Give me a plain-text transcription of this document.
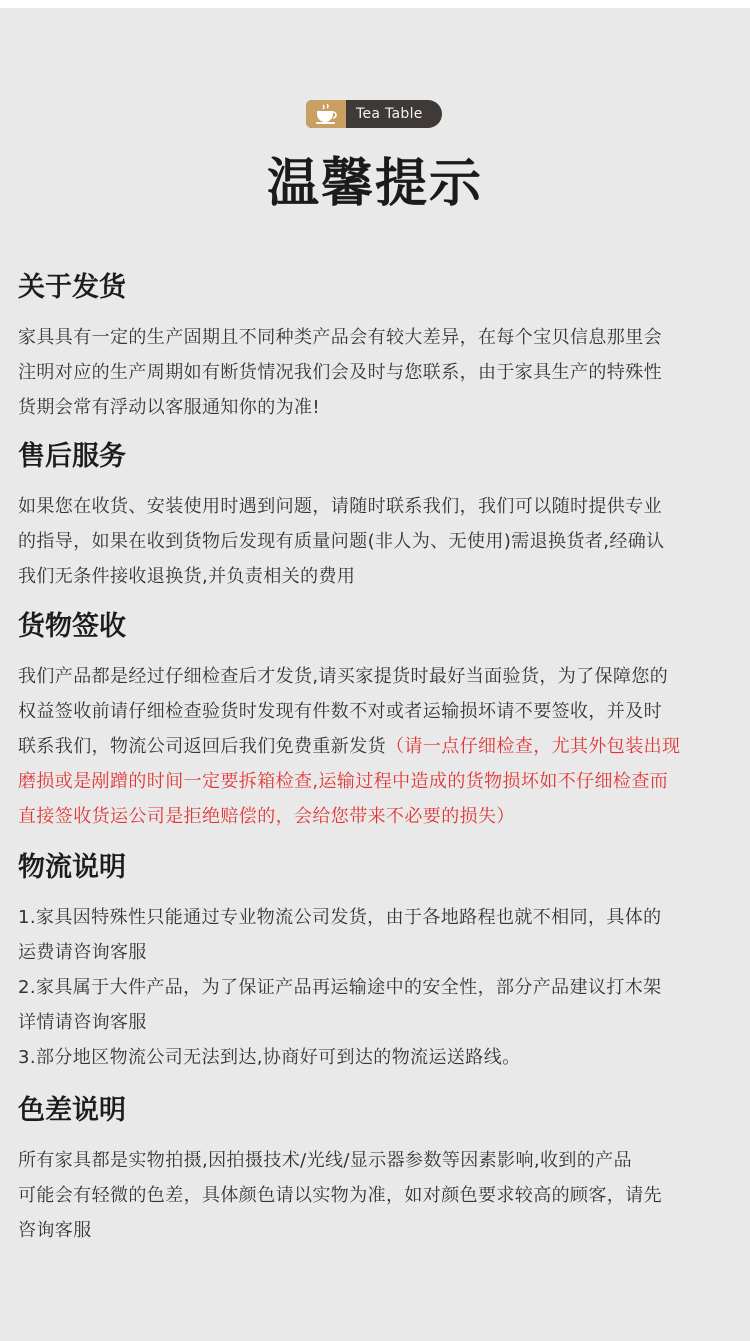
Tea Table
温馨提示
关于发货

家具具有一定的生产固期且不同种类产品会有较大差异，在每个宝贝信息那里会
注明对应的生产周期如有断货情况我们会及时与您联系，由于家具生产的特殊性
货期会常有浮动以客服通知你的为准!

售后服务

如果您在收货、安装使用时遇到问题，请随时联系我们，我们可以随时提供专业
的指导，如果在收到货物后发现有质量问题(非人为、无使用)需退换货者,经确认
我们无条件接收退换货,并负责相关的费用

货物签收

我们产品都是经过仔细检查后才发货,请买家提货时最好当面验货，为了保障您的
权益签收前请仔细检查验货时发现有件数不对或者运输损坏请不要签收，并及时
联系我们，物流公司返回后我们免费重新发货（请一点仔细检查，尤其外包装出现
磨损或是剐蹭的时间一定要拆箱检查,运输过程中造成的货物损坏如不仔细检查而
直接签收货运公司是拒绝赔偿的，会给您带来不必要的损失）

物流说明

1.家具因特殊性只能通过专业物流公司发货，由于各地路程也就不相同，具体的
运费请咨询客服
2.家具属于大件产品，为了保证产品再运输途中的安全性，部分产品建议打木架
详情请咨询客服
3.部分地区物流公司无法到达,协商好可到达的物流运送路线。

色差说明

所有家具都是实物拍摄,因拍摄技术/光线/显示器参数等因素影响,收到的产品
可能会有轻微的色差，具体颜色请以实物为准，如对颜色要求较高的顾客，请先
咨询客服
